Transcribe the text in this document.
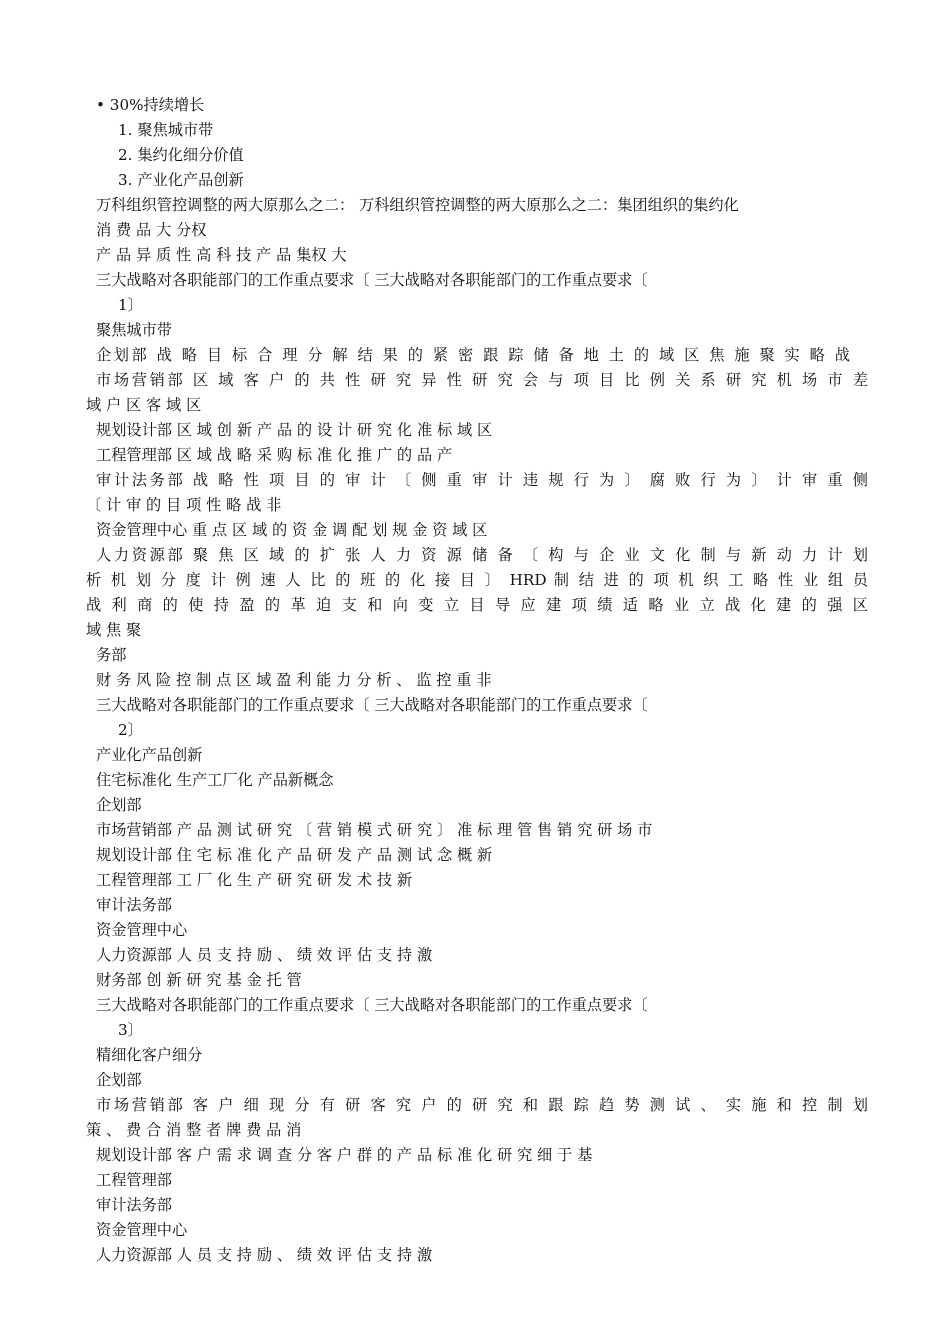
• 30%持续增长
1. 聚焦城市带
2. 集约化细分价值
3. 产业化产品创新
万科组织管控调整的两大原那么之二： 万科组织管控调整的两大原那么之二：集团组织的集约化
消 费 品 大 分权
产 品 异 质 性 高 科 技 产 品 集权 大
三大战略对各职能部门的工作重点要求〔 三大战略对各职能部门的工作重点要求〔
1〕
聚焦城市带
企划部 战 略 目 标 合 理 分 解 结 果 的 紧 密 跟 踪 储 备 地 土 的 域 区 焦 施 聚 实 略 战
市场营销部 区 域 客 户 的 共 性 研 究 异 性 研 究 会 与 项 目 比 例 关 系 研 究 机 场 市 差
域 户 区 客 域 区
规划设计部 区 域 创 新 产 品 的 设 计 研 究 化 准 标 域 区
工程管理部 区 域 战 略 采 购 标 准 化 推 广 的 品 产
审计法务部 战 略 性 项 目 的 审 计 〔 侧 重 审 计 违 规 行 为 〕 腐 败 行 为 〕 计 审 重 侧
〔 计 审 的 目 项 性 略 战 非
资金管理中心 重 点 区 域 的 资 金 调 配 划 规 金 资 域 区
人力资源部 聚 焦 区 域 的 扩 张 人 力 资 源 储 备 〔 构 与 企 业 文 化 制 与 新 动 力 计 划
析 机 划 分 度 计 例 速 人 比 的 班 的 化 接 目 〕 HRD 制 结 进 的 项 机 织 工 略 性 业 组 员
战 利 商 的 使 持 盈 的 革 迫 支 和 向 变 立 目 导 应 建 项 绩 适 略 业 立 战 化 建 的 强 区
域 焦 聚
务部
财 务 风 险 控 制 点 区 域 盈 利 能 力 分 析 、 监 控 重 非
三大战略对各职能部门的工作重点要求〔 三大战略对各职能部门的工作重点要求〔
2〕
产业化产品创新
住宅标准化 生产工厂化 产品新概念
企划部
市场营销部 产 品 测 试 研 究 〔 营 销 模 式 研 究 〕 准 标 理 管 售 销 究 研 场 市
规划设计部 住 宅 标 准 化 产 品 研 发 产 品 测 试 念 概 新
工程管理部 工 厂 化 生 产 研 究 研 发 术 技 新
审计法务部
资金管理中心
人力资源部 人 员 支 持 励 、 绩 效 评 估 支 持 激
财务部 创 新 研 究 基 金 托 管
三大战略对各职能部门的工作重点要求〔 三大战略对各职能部门的工作重点要求〔
3〕
精细化客户细分
企划部
市场营销部 客 户 细 现 分 有 研 客 究 户 的 研 究 和 跟 踪 趋 势 测 试 、 实 施 和 控 制 划
策 、 费 合 消 整 者 牌 费 品 消
规划设计部 客 户 需 求 调 查 分 客 户 群 的 产 品 标 准 化 研 究 细 于 基
工程管理部
审计法务部
资金管理中心
人力资源部 人 员 支 持 励 、 绩 效 评 估 支 持 激
